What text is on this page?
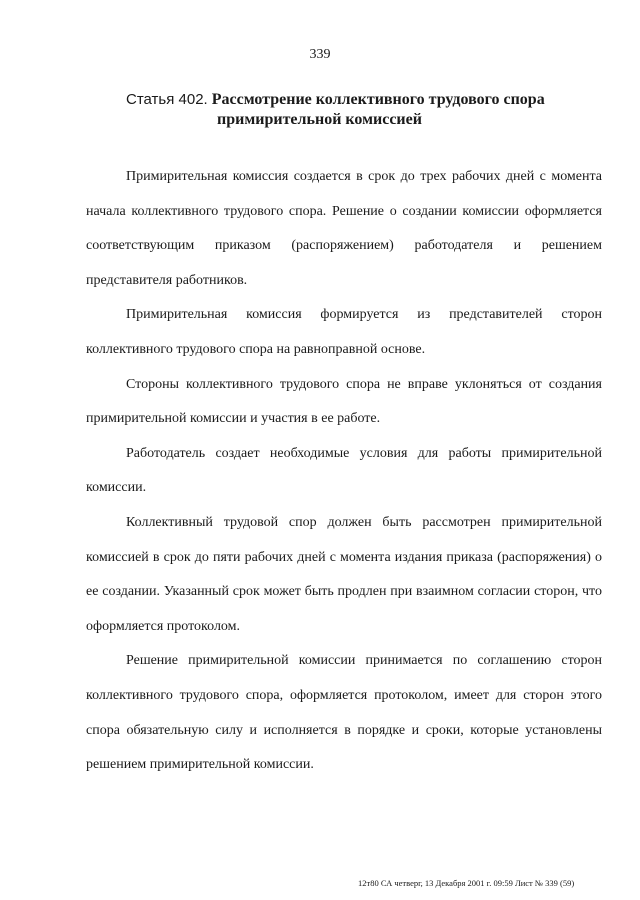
339
Статья 402. Рассмотрение коллективного трудового спора
примирительной комиссией

Примирительная комиссия создается в срок до трех рабочих дней с момента начала коллективного трудового спора. Решение о создании комиссии оформляется соответствующим приказом (распоряжением) работодателя и решением представителя работников.

Примирительная комиссия формируется из представителей сторон коллективного трудового спора на равноправной основе.

Стороны коллективного трудового спора не вправе уклоняться от создания примирительной комиссии и участия в ее работе.

Работодатель создает необходимые условия для работы примирительной комиссии.

Коллективный трудовой спор должен быть рассмотрен примирительной комиссией в срок до пяти рабочих дней с момента издания приказа (распоряжения) о ее создании. Указанный срок может быть продлен при взаимном согласии сторон, что оформляется протоколом.

Решение примирительной комиссии принимается по соглашению сторон коллективного трудового спора, оформляется протоколом, имеет для сторон этого спора обязательную силу и исполняется в порядке и сроки, которые установлены решением примирительной комиссии.

12т80 СА четверг, 13 Декабря 2001 г. 09:59 Лист № 339 (59)
